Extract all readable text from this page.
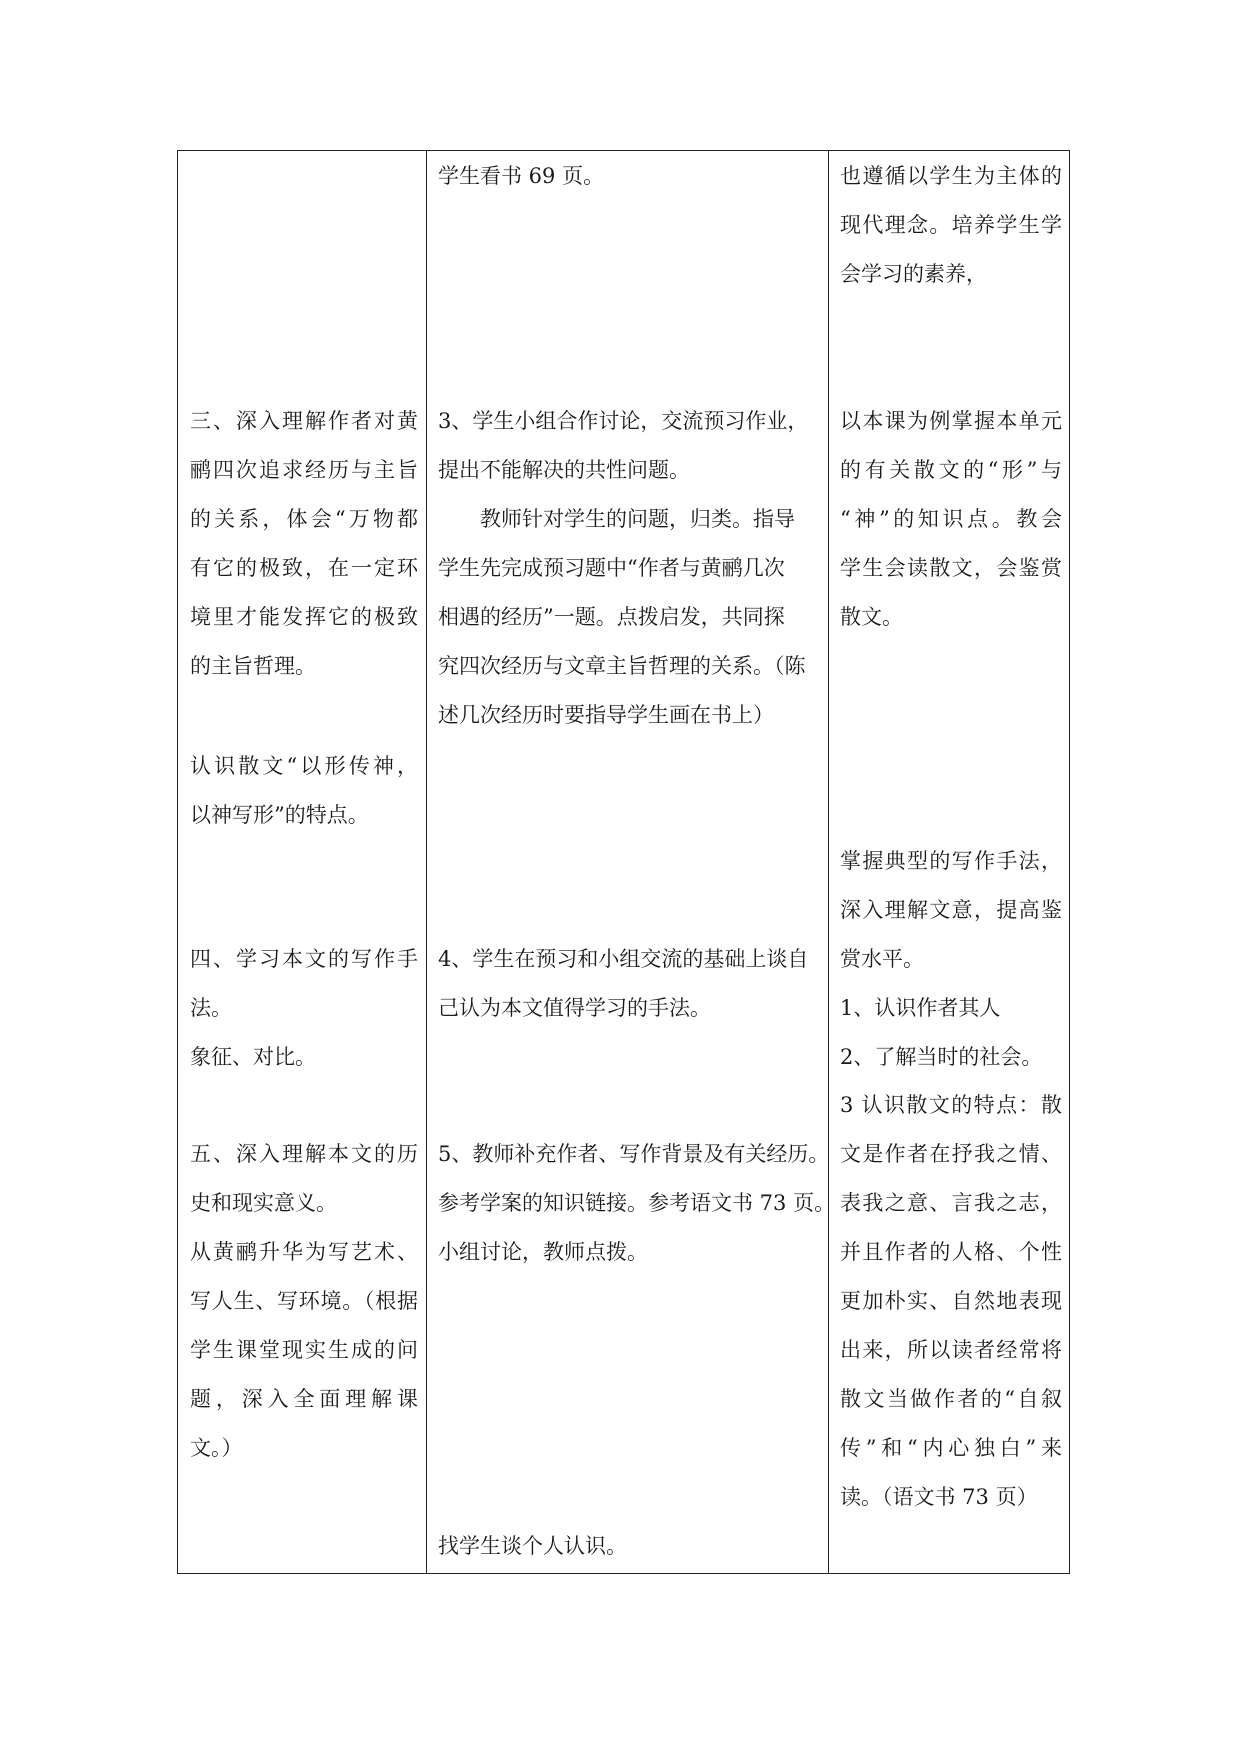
三、深入理解作者对黄
鹂四次追求经历与主旨
的关系，体会“万物都
有它的极致，在一定环
境里才能发挥它的极致
的主旨哲理。
认识散文“以形传神，
以神写形”的特点。
四、学习本文的写作手
法。
象征、对比。
五、深入理解本文的历
史和现实意义。
从黄鹂升华为写艺术、
写人生、写环境。（根据
学生课堂现实生成的问
题，深入全面理解课
文。）
学生看书 69 页。
3、学生小组合作讨论，交流预习作业，
提出不能解决的共性问题。
　　教师针对学生的问题，归类。指导
学生先完成预习题中“作者与黄鹂几次
相遇的经历”一题。点拨启发，共同探
究四次经历与文章主旨哲理的关系。（陈
述几次经历时要指导学生画在书上）
4、学生在预习和小组交流的基础上谈自
己认为本文值得学习的手法。
5、教师补充作者、写作背景及有关经历。
参考学案的知识链接。参考语文书 73 页。
小组讨论，教师点拨。
找学生谈个人认识。
也遵循以学生为主体的
现代理念。培养学生学
会学习的素养，
以本课为例掌握本单元
的有关散文的“形”与
“神”的知识点。教会
学生会读散文，会鉴赏
散文。
掌握典型的写作手法，
深入理解文意，提高鉴
赏水平。
1、认识作者其人
2、了解当时的社会。
3 认识散文的特点：散
文是作者在抒我之情、
表我之意、言我之志，
并且作者的人格、个性
更加朴实、自然地表现
出来，所以读者经常将
散文当做作者的“自叙
传”和“内心独白”来
读。（语文书 73 页）
